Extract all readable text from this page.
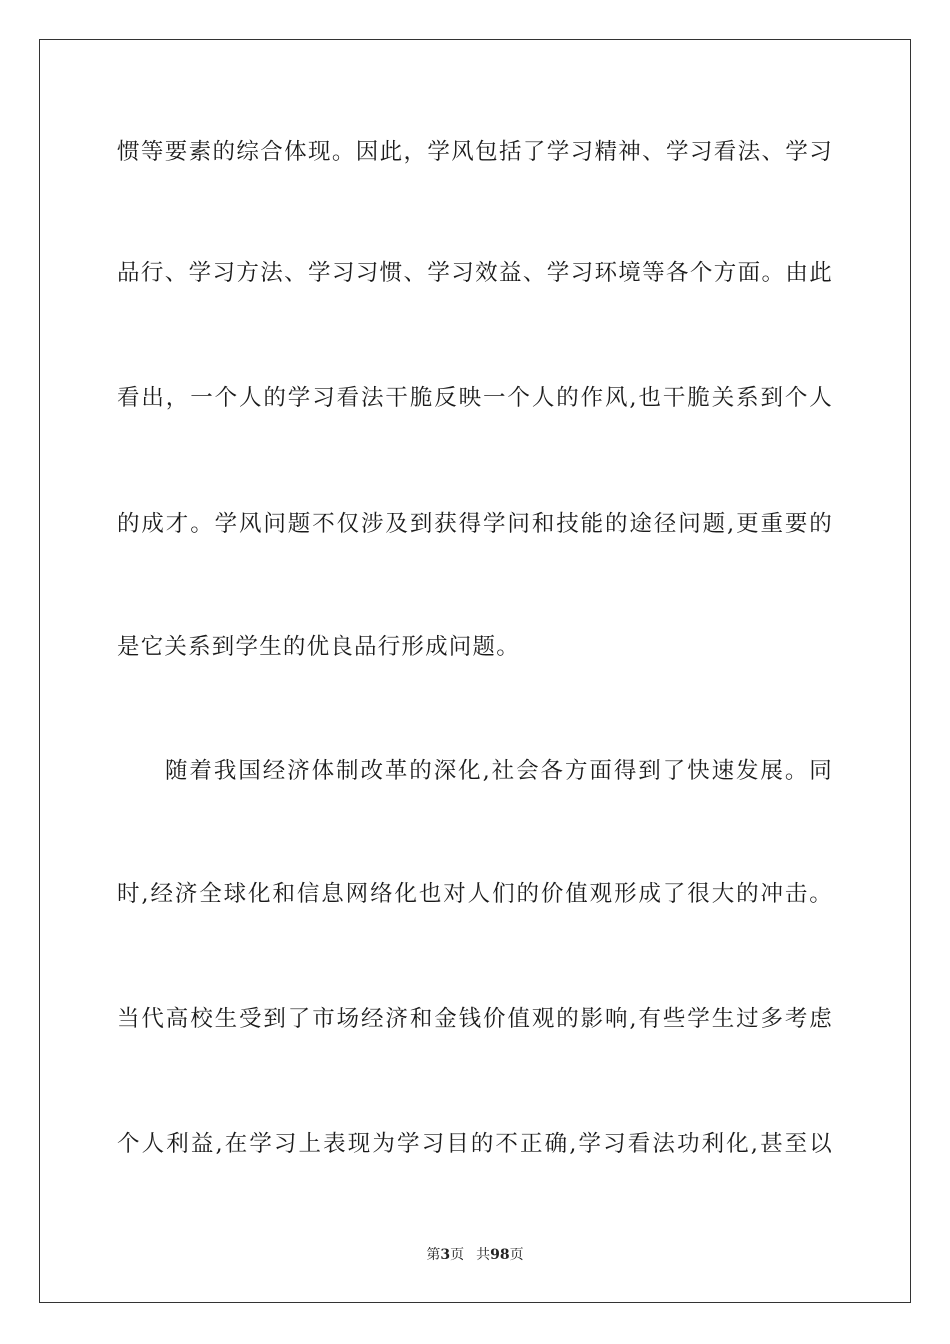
惯等要素的综合体现。因此，学风包括了学习精神、学习看法、学习
品行、学习方法、学习习惯、学习效益、学习环境等各个方面。由此
看出，一个人的学习看法干脆反映一个人的作风,也干脆关系到个人
的成才。学风问题不仅涉及到获得学问和技能的途径问题,更重要的
是它关系到学生的优良品行形成问题。
随着我国经济体制改革的深化,社会各方面得到了快速发展。同
时,经济全球化和信息网络化也对人们的价值观形成了很大的冲击。
当代高校生受到了市场经济和金钱价值观的影响,有些学生过多考虑
个人利益,在学习上表现为学习目的不正确,学习看法功利化,甚至以
第3页 共98页
